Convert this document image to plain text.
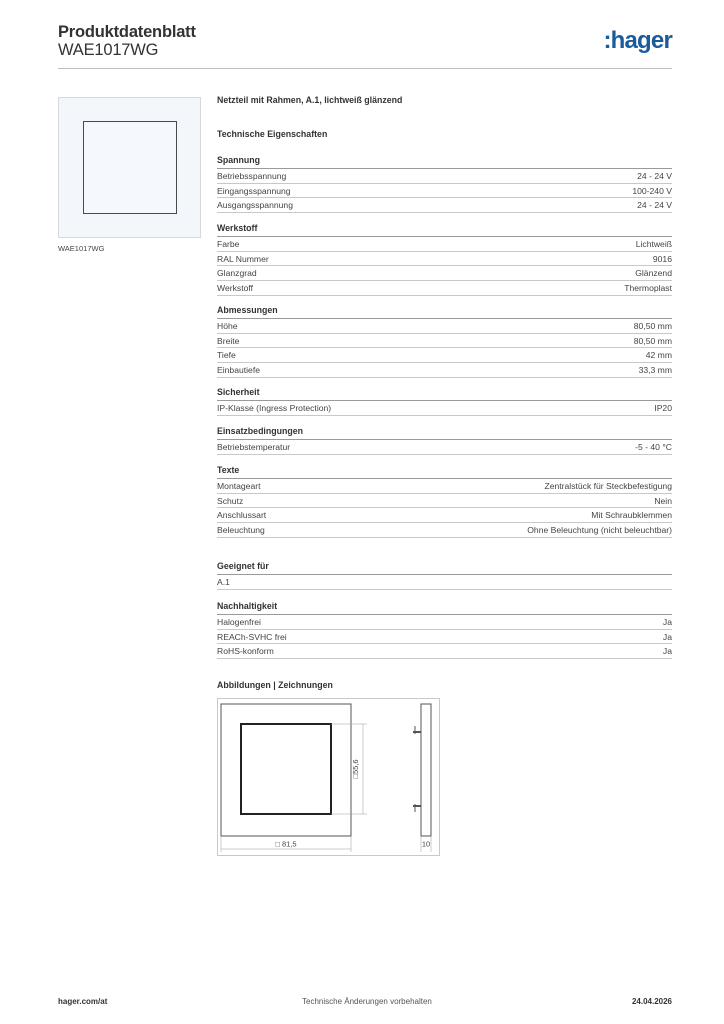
Produktdatenblatt
WAE1017WG	:hager
WAE1017WG
Netzteil mit Rahmen, A.1, lichtweiß glänzend
Technische Eigenschaften
Spannung
Betriebsspannung	24 - 24 V
Eingangsspannung	100-240 V
Ausgangsspannung	24 - 24 V
Werkstoff
Farbe	Lichtweiß
RAL Nummer	9016
Glanzgrad	Glänzend
Werkstoff	Thermoplast
Abmessungen
Höhe	80,50 mm
Breite	80,50 mm
Tiefe	42 mm
Einbautiefe	33,3 mm
Sicherheit
IP-Klasse (Ingress Protection)	IP20
Einsatzbedingungen
Betriebstemperatur	-5 - 40 °C
Texte
Montageart	Zentralstück für Steckbefestigung
Schutz	Nein
Anschlussart	Mit Schraubklemmen
Beleuchtung	Ohne Beleuchtung (nicht beleuchtbar)
Geeignet für
A.1
Nachhaltigkeit
Halogenfrei	Ja
REACh-SVHC frei	Ja
RoHS-konform	Ja
Abbildungen | Zeichnungen
□55,6
□ 81,5	10
hager.com/at	Technische Änderungen vorbehalten	24.04.2026
